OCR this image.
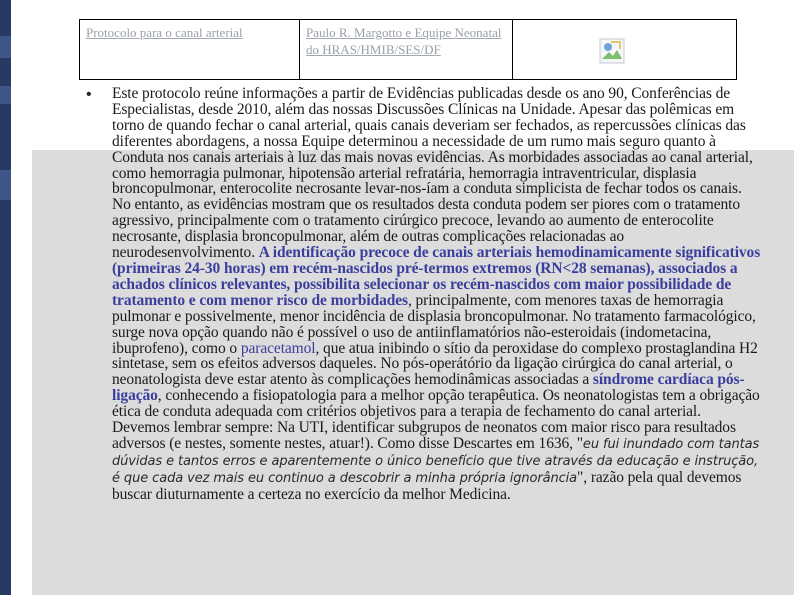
Protocolo para o canal arterial	Paulo R. Margotto e Equipe Neonatal do HRAS/HMIB/SES/DF	
• Este protocolo reúne informações a partir de Evidências publicadas desde os ano 90, Conferências de Especialistas, desde 2010, além das nossas Discussões Clínicas na Unidade. Apesar das polêmicas em torno de quando fechar o canal arterial, quais canais deveriam ser fechados, as repercussões clínicas das diferentes abordagens, a nossa Equipe determinou a necessidade de um rumo mais seguro quanto à Conduta nos canais arteriais à luz das mais novas evidências. As morbidades associadas ao canal arterial, como hemorragia pulmonar, hipotensão arterial refratária, hemorragia intraventricular, displasia broncopulmonar, enterocolite necrosante levar-nos-íam a conduta simplicista de fechar todos os canais. No entanto, as evidências mostram que os resultados desta conduta podem ser piores com o tratamento agressivo, principalmente com o tratamento cirúrgico precoce, levando ao aumento de enterocolite necrosante, displasia broncopulmonar, além de outras complicações relacionadas ao neurodesenvolvimento. A identificação precoce de canais arteriais hemodinamicamente significativos (primeiras 24-30 horas) em recém-nascidos pré-termos extremos (RN<28 semanas), associados a achados clínicos relevantes, possibilita selecionar os recém-nascidos com maior possibilidade de tratamento e com menor risco de morbidades, principalmente, com menores taxas de hemorragia pulmonar e possivelmente, menor incidência de displasia broncopulmonar. No tratamento farmacológico, surge nova opção quando não é possível o uso de antiinflamatórios não-esteroidais (indometacina, ibuprofeno), como o paracetamol, que atua inibindo o sítio da peroxidase do complexo prostaglandina H2 sintetase, sem os efeitos adversos daqueles. No pós-operátório da ligação cirúrgica do canal arterial, o neonatologista deve estar atento às complicações hemodinâmicas associadas a síndrome cardíaca pós-ligação, conhecendo a fisiopatologia para a melhor opção terapêutica. Os neonatologistas tem a obrigação ética de conduta adequada com critérios objetivos para a terapia de fechamento do canal arterial. Devemos lembrar sempre: Na UTI, identificar subgrupos de neonatos com maior risco para resultados adversos (e nestes, somente nestes, atuar!). Como disse Descartes em 1636, "eu fui inundado com tantas dúvidas e tantos erros e aparentemente o único benefício que tive através da educação e instrução, é que cada vez mais eu continuo a descobrir a minha própria ignorância", razão pela qual devemos buscar diuturnamente a certeza no exercício da melhor Medicina.
